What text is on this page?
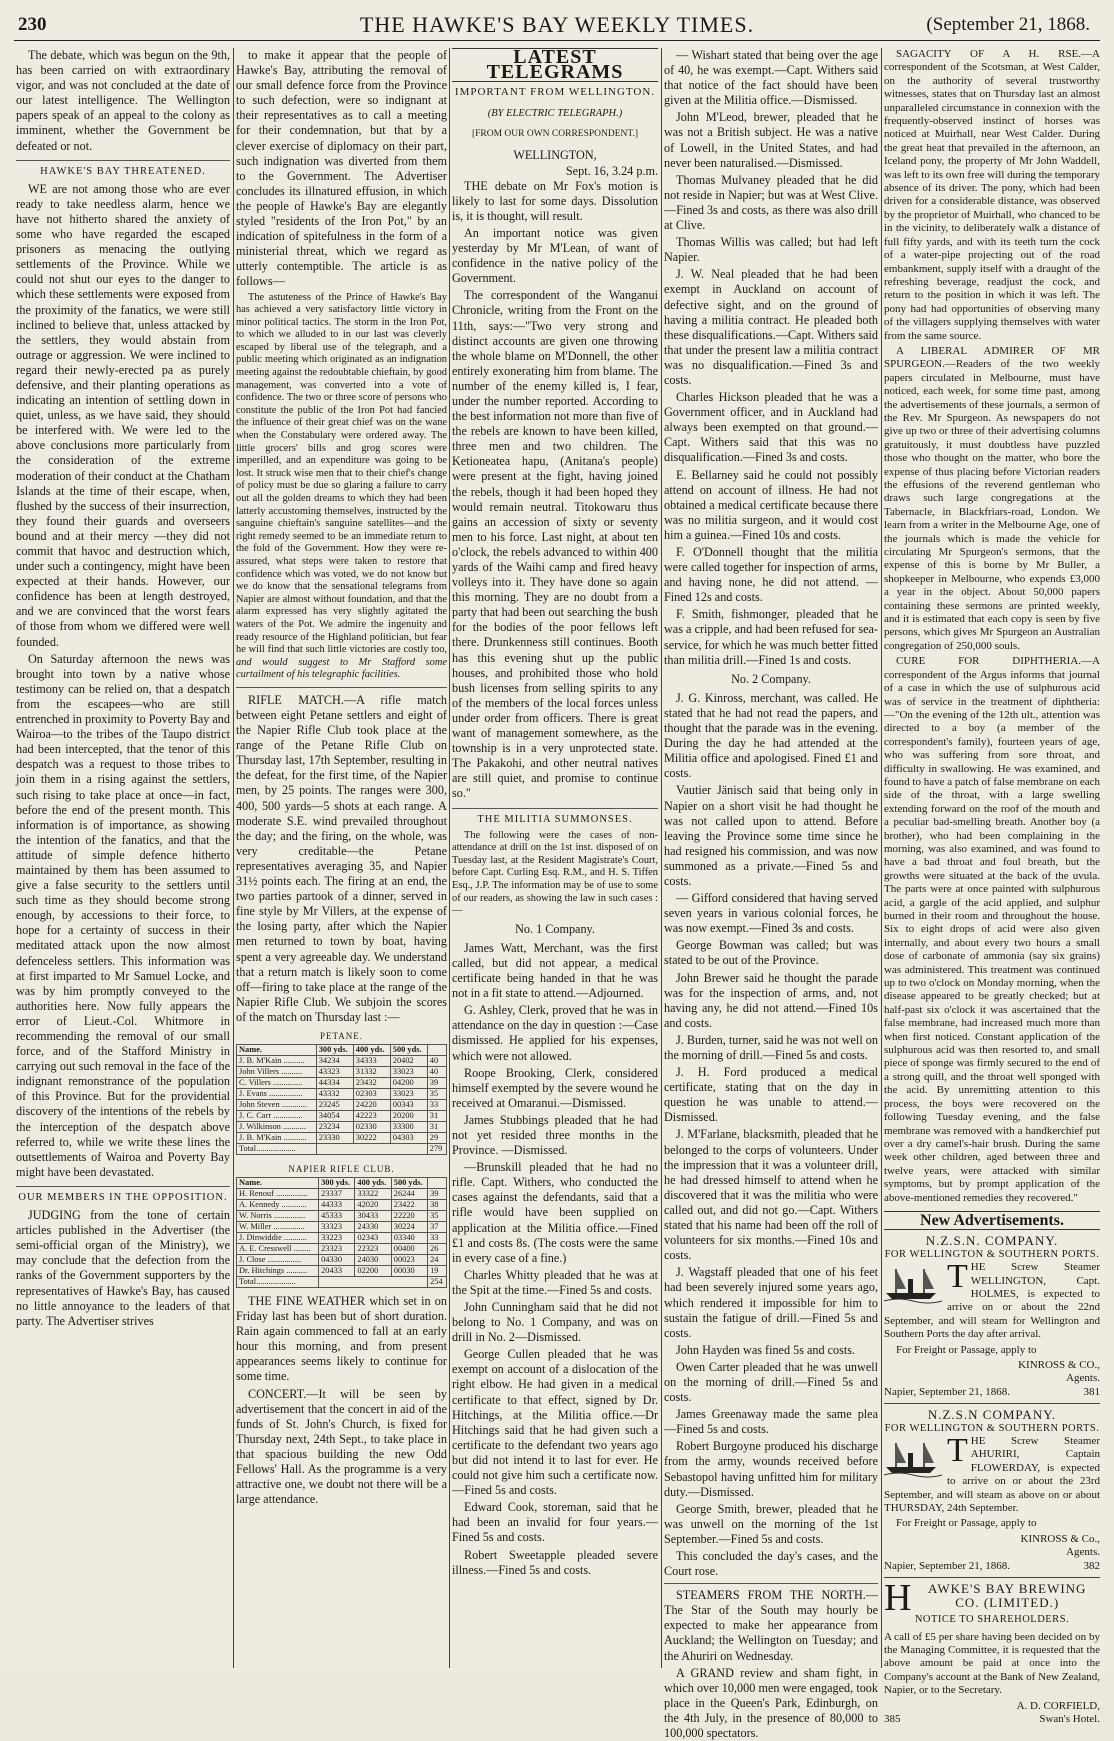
230	THE HAWKE'S BAY WEEKLY TIMES.	(September 21, 1868.

The debate, which was begun on the 9th, has been carried on with extraordinary vigor, and was not concluded at the date of our latest intelligence. The Wellington papers speak of an appeal to the colony as imminent, whether the Government be defeated or not.

HAWKE'S BAY THREATENED.

WE are not among those who are ever ready to take needless alarm, hence we have not hitherto shared the anxiety of some who have regarded the escaped prisoners as menacing the outlying settlements of the Province. While we could not shut our eyes to the danger to which these settlements were exposed from the proximity of the fanatics, we were still inclined to believe that, unless attacked by the settlers, they would abstain from outrage or aggression. We were inclined to regard their newly-erected pa as purely defensive, and their planting operations as indicating an intention of settling down in quiet, unless, as we have said, they should be interfered with. We were led to the above conclusions more particularly from the consideration of the extreme moderation of their conduct at the Chatham Islands at the time of their escape, when, flushed by the success of their insurrection, they found their guards and overseers bound and at their mercy —they did not commit that havoc and destruction which, under such a contingency, might have been expected at their hands. However, our confidence has been at length destroyed, and we are convinced that the worst fears of those from whom we differed were well founded.

On Saturday afternoon the news was brought into town by a native whose testimony can be relied on, that a despatch from the escapees—who are still entrenched in proximity to Poverty Bay and Wairoa—to the tribes of the Taupo district had been intercepted, that the tenor of this despatch was a request to those tribes to join them in a rising against the settlers, such rising to take place at once—in fact, before the end of the present month. This information is of importance, as showing the intention of the fanatics, and that the attitude of simple defence hitherto maintained by them has been assumed to give a false security to the settlers until such time as they should become strong enough, by accessions to their force, to hope for a certainty of success in their meditated attack upon the now almost defenceless settlers. This information was at first imparted to Mr Samuel Locke, and was by him promptly conveyed to the authorities here. Now fully appears the error of Lieut.-Col. Whitmore in recommending the removal of our small force, and of the Stafford Ministry in carrying out such removal in the face of the indignant remonstrance of the population of this Province. But for the providential discovery of the intentions of the rebels by the interception of the despatch above referred to, while we write these lines the outsettlements of Wairoa and Poverty Bay might have been devastated.

OUR MEMBERS IN THE OPPOSITION.

JUDGING from the tone of certain articles published in the Advertiser (the semi-official organ of the Ministry), we may conclude that the defection from the ranks of the Government supporters by the representatives of Hawke's Bay, has caused no little annoyance to the leaders of that party. The Advertiser strives

to make it appear that the people of Hawke's Bay, attributing the removal of our small defence force from the Province to such defection, were so indignant at their representatives as to call a meeting for their condemnation, but that by a clever exercise of diplomacy on their part, such indignation was diverted from them to the Government. The Advertiser concludes its illnatured effusion, in which the people of Hawke's Bay are elegantly styled "residents of the Iron Pot," by an indication of spitefulness in the form of a ministerial threat, which we regard as utterly contemptible. The article is as follows—

The astuteness of the Prince of Hawke's Bay has achieved a very satisfactory little victory in minor political tactics. The storm in the Iron Pot, to which we alluded to in our last was cleverly escaped by liberal use of the telegraph, and a public meeting which originated as an indignation meeting against the redoubtable chieftain, by good management, was converted into a vote of confidence. The two or three score of persons who constitute the public of the Iron Pot had fancied the influence of their great chief was on the wane when the Constabulary were ordered away. The little grocers' bills and grog scores were imperilled, and an expenditure was going to be lost. It struck wise men that to their chief's change of policy must be due so glaring a failure to carry out all the golden dreams to which they had been latterly accustoming themselves, instructed by the sanguine chieftain's sanguine satellites—and the right remedy seemed to be an immediate return to the fold of the Government. How they were re-assured, what steps were taken to restore that confidence which was voted, we do not know but we do know that the sensational telegrams from Napier are almost without foundation, and that the alarm expressed has very slightly agitated the waters of the Pot. We admire the ingenuity and ready resource of the Highland politician, but fear he will find that such little victories are costly too, and would suggest to Mr Stafford some curtailment of his telegraphic facilities.

RIFLE MATCH.—A rifle match between eight Petane settlers and eight of the Napier Rifle Club took place at the range of the Petane Rifle Club on Thursday last, 17th September, resulting in the defeat, for the first time, of the Napier men, by 25 points. The ranges were 300, 400, 500 yards—5 shots at each range. A moderate S.E. wind prevailed throughout the day; and the firing, on the whole, was very creditable—the Petane representatives averaging 35, and Napier 31½ points each. The firing at an end, the two parties partook of a dinner, served in fine style by Mr Villers, at the expense of the losing party, after which the Napier men returned to town by boat, having spent a very agreeable day. We understand that a return match is likely soon to come off—firing to take place at the range of the Napier Rifle Club. We subjoin the scores of the match on Thursday last :—

PETANE.
Name.	300 yds.	400 yds.	500 yds.	
J. B. M'Kain ..........	34234	34333	20402	40
John Villers ..........	43323	31332	33023	40
C. Villers ..............	44334	23432	04200	39
J. Evans ................	43332	02303	33023	35
John Steven ............	23245	24220	00343	33
J. C. Carr ..............	34054	42223	20200	31
J. Wilkinson ...........	23234	02330	33300	31
J. B. M'Kain ...........	23330	30222	04303	29
Total...................				279
NAPIER RIFLE CLUB.
Name.	300 yds.	400 yds.	500 yds.	
H. Renouf ...............	23337	33322	26244	39
A. Kennedy ............	44333	42020	23422	38
W. Norris ...............	45333	30433	22220	35
W. Miller ...............	33323	24330	30224	37
J. Dinwiddie ...........	33223	02343	03340	33
A. E. Cresswell ........	23323	22323	00400	26
J. Close ................	04330	24030	00023	24
Dr. Hitchings ..........	20433	02200	00030	19
Total...................				254

THE FINE WEATHER which set in on Friday last has been but of short duration. Rain again commenced to fall at an early hour this morning, and from present appearances seems likely to continue for some time.

CONCERT.—It will be seen by advertisement that the concert in aid of the funds of St. John's Church, is fixed for Thursday next, 24th Sept., to take place in that spacious building the new Odd Fellows' Hall. As the programme is a very attractive one, we doubt not there will be a large attendance.

LATEST TELEGRAMS
IMPORTANT FROM WELLINGTON.
(BY ELECTRIC TELEGRAPH.)
[FROM OUR OWN CORRESPONDENT.]
WELLINGTON,
Sept. 16, 3.24 p.m.

THE debate on Mr Fox's motion is likely to last for some days. Dissolution is, it is thought, will result.

An important notice was given yesterday by Mr M'Lean, of want of confidence in the native policy of the Government.

The correspondent of the Wanganui Chronicle, writing from the Front on the 11th, says:—"Two very strong and distinct accounts are given one throwing the whole blame on M'Donnell, the other entirely exonerating him from blame. The number of the enemy killed is, I fear, under the number reported. According to the best information not more than five of the rebels are known to have been killed, three men and two children. The Ketioneatea hapu, (Anitana's people) were present at the fight, having joined the rebels, though it had been hoped they would remain neutral. Titokowaru thus gains an accession of sixty or seventy men to his force. Last night, at about ten o'clock, the rebels advanced to within 400 yards of the Waihi camp and fired heavy volleys into it. They have done so again this morning. They are no doubt from a party that had been out searching the bush for the bodies of the poor fellows left there. Drunkenness still continues. Booth has this evening shut up the public houses, and prohibited those who hold bush licenses from selling spirits to any of the members of the local forces unless under order from officers. There is great want of management somewhere, as the township is in a very unprotected state. The Pakakohi, and other neutral natives are still quiet, and promise to continue so."

THE MILITIA SUMMONSES.

The following were the cases of non-attendance at drill on the 1st inst. disposed of on Tuesday last, at the Resident Magistrate's Court, before Capt. Curling Esq. R.M., and H. S. Tiffen Esq., J.P. The information may be of use to some of our readers, as showing the law in such cases :—

No. 1 Company.

James Watt, Merchant, was the first called, but did not appear, a medical certificate being handed in that he was not in a fit state to attend.—Adjourned.

G. Ashley, Clerk, proved that he was in attendance on the day in question :—Case dismissed. He applied for his expenses, which were not allowed.

Roope Brooking, Clerk, considered himself exempted by the severe wound he received at Omaranui.—Dismissed.

James Stubbings pleaded that he had not yet resided three months in the Province. —Dismissed.

—Brunskill pleaded that he had no rifle. Capt. Withers, who conducted the cases against the defendants, said that a rifle would have been supplied on application at the Militia office.—Fined £1 and costs 8s. (The costs were the same in every case of a fine.)

Charles Whitty pleaded that he was at the Spit at the time.—Fined 5s and costs.

John Cunningham said that he did not belong to No. 1 Company, and was on drill in No. 2—Dismissed.

George Cullen pleaded that he was exempt on account of a dislocation of the right elbow. He had given in a medical certificate to that effect, signed by Dr. Hitchings, at the Militia office.—Dr Hitchings said that he had given such a certificate to the defendant two years ago but did not intend it to last for ever. He could not give him such a certificate now. —Fined 5s and costs.

Edward Cook, storeman, said that he had been an invalid for four years.—Fined 5s and costs.

Robert Sweetapple pleaded severe illness.—Fined 5s and costs.

— Wishart stated that being over the age of 40, he was exempt.—Capt. Withers said that notice of the fact should have been given at the Militia office.—Dismissed.

John M'Leod, brewer, pleaded that he was not a British subject. He was a native of Lowell, in the United States, and had never been naturalised.—Dismissed.

Thomas Mulvaney pleaded that he did not reside in Napier; but was at West Clive.—Fined 3s and costs, as there was also drill at Clive.

Thomas Willis was called; but had left Napier.

J. W. Neal pleaded that he had been exempt in Auckland on account of defective sight, and on the ground of having a militia contract. He pleaded both these disqualifications.—Capt. Withers said that under the present law a militia contract was no disqualification.—Fined 3s and costs.

Charles Hickson pleaded that he was a Government officer, and in Auckland had always been exempted on that ground.—Capt. Withers said that this was no disqualification.—Fined 3s and costs.

E. Bellarney said he could not possibly attend on account of illness. He had not obtained a medical certificate because there was no militia surgeon, and it would cost him a guinea.—Fined 10s and costs.

F. O'Donnell thought that the militia were called together for inspection of arms, and having none, he did not attend. —Fined 12s and costs.

F. Smith, fishmonger, pleaded that he was a cripple, and had been refused for sea-service, for which he was much better fitted than militia drill.—Fined 1s and costs.

No. 2 Company.

J. G. Kinross, merchant, was called. He stated that he had not read the papers, and thought that the parade was in the evening. During the day he had attended at the Militia office and apologised. Fined £1 and costs.

Vautier Jänisch said that being only in Napier on a short visit he had thought he was not called upon to attend. Before leaving the Province some time since he had resigned his commission, and was now summoned as a private.—Fined 5s and costs.

— Gifford considered that having served seven years in various colonial forces, he was now exempt.—Fined 3s and costs.

George Bowman was called; but was stated to be out of the Province.

John Brewer said he thought the parade was for the inspection of arms, and, not having any, he did not attend.—Fined 10s and costs.

J. Burden, turner, said he was not well on the morning of drill.—Fined 5s and costs.

J. H. Ford produced a medical certificate, stating that on the day in question he was unable to attend.—Dismissed.

J. M'Farlane, blacksmith, pleaded that he belonged to the corps of volunteers. Under the impression that it was a volunteer drill, he had dressed himself to attend when he discovered that it was the militia who were called out, and did not go.—Capt. Withers stated that his name had been off the roll of volunteers for six months.—Fined 10s and costs.

J. Wagstaff pleaded that one of his feet had been severely injured some years ago, which rendered it impossible for him to sustain the fatigue of drill.—Fined 5s and costs.

John Hayden was fined 5s and costs.

Owen Carter pleaded that he was unwell on the morning of drill.—Fined 5s and costs.

James Greenaway made the same plea —Fined 5s and costs.

Robert Burgoyne produced his discharge from the army, wounds received before Sebastopol having unfitted him for military duty.—Dismissed.

George Smith, brewer, pleaded that he was unwell on the morning of the 1st September.—Fined 5s and costs.

This concluded the day's cases, and the Court rose.

STEAMERS FROM THE NORTH.—The Star of the South may hourly be expected to make her appearance from Auckland; the Wellington on Tuesday; and the Ahuriri on Wednesday.

A GRAND review and sham fight, in which over 10,000 men were engaged, took place in the Queen's Park, Edinburgh, on the 4th July, in the presence of 80,000 to 100,000 spectators.

SAGACITY OF A H. RSE.—A correspondent of the Scotsman, at West Calder, on the authority of several trustworthy witnesses, states that on Thursday last an almost unparalleled circumstance in connexion with the frequently-observed instinct of horses was noticed at Muirhall, near West Calder. During the great heat that prevailed in the afternoon, an Iceland pony, the property of Mr John Waddell, was left to its own free will during the temporary absence of its driver. The pony, which had been driven for a considerable distance, was observed by the proprietor of Muirhall, who chanced to be in the vicinity, to deliberately walk a distance of full fifty yards, and with its teeth turn the cock of a water-pipe projecting out of the road embankment, supply itself with a draught of the refreshing beverage, readjust the cock, and return to the position in which it was left. The pony had had opportunities of observing many of the villagers supplying themselves with water from the same source.

A LIBERAL ADMIRER OF MR SPURGEON.—Readers of the two weekly papers circulated in Melbourne, must have noticed, each week, for some time past, among the advertisements of these journals, a sermon of the Rev. Mr Spurgeon. As newspapers do not give up two or three of their advertising columns gratuitously, it must doubtless have puzzled those who thought on the matter, who bore the expense of thus placing before Victorian readers the effusions of the reverend gentleman who draws such large congregations at the Tabernacle, in Blackfriars-road, London. We learn from a writer in the Melbourne Age, one of the journals which is made the vehicle for circulating Mr Spurgeon's sermons, that the expense of this is borne by Mr Buller, a shopkeeper in Melbourne, who expends £3,000 a year in the object. About 50,000 papers containing these sermons are printed weekly, and it is estimated that each copy is seen by five persons, which gives Mr Spurgeon an Australian congregation of 250,000 souls.

CURE FOR DIPHTHERIA.—A correspondent of the Argus informs that journal of a case in which the use of sulphurous acid was of service in the treatment of diphtheria: —"On the evening of the 12th ult., attention was directed to a boy (a member of the correspondent's family), fourteen years of age, who was suffering from sore throat, and difficulty in swallowing. He was examined, and found to have a patch of false membrane on each side of the throat, with a large swelling extending forward on the roof of the mouth and a peculiar bad-smelling breath. Another boy (a brother), who had been complaining in the morning, was also examined, and was found to have a bad throat and foul breath, but the growths were situated at the back of the uvula. The parts were at once painted with sulphurous acid, a gargle of the acid applied, and sulphur burned in their room and throughout the house. Six to eight drops of acid were also given internally, and about every two hours a small dose of carbonate of ammonia (say six grains) was administered. This treatment was continued up to two o'clock on Monday morning, when the disease appeared to be greatly checked; but at half-past six o'clock it was ascertained that the false membrane, had increased much more than when first noticed. Constant application of the sulphurous acid was then resorted to, and small piece of sponge was firmly secured to the end of a strong quill, and the throat well sponged with the acid. By unremitting attention to this process, the boys were recovered on the following Tuesday evening, and the false membrane was removed with a handkerchief put over a dry camel's-hair brush. During the same week other children, aged between three and twelve years, were attacked with similar symptoms, but by prompt application of the above-mentioned remedies they recovered."

New Advertisements.
N.Z.S.N. COMPANY.
FOR WELLINGTON & SOUTHERN PORTS.

THE Screw Steamer WELLINGTON, Capt. HOLMES, is expected to arrive on or about the 22nd September, and will steam for Wellington and Southern Ports the day after arrival.

For Freight or Passage, apply to

KINROSS & CO.,
Agents.
Napier, September 21, 1868.	381
N.Z.S.N COMPANY.
FOR WELLINGTON & SOUTHERN PORTS.

THE Screw Steamer AHURIRI, Captain FLOWERDAY, is expected to arrive on or about the 23rd September, and will steam as above on or about THURSDAY, 24th September.

For Freight or Passage, apply to

KINROSS & Co.,
Agents.
Napier, September 21, 1868.	382
H	AWKE'S BAY BREWING CO. (LIMITED.)
NOTICE TO SHAREHOLDERS.

A call of £5 per share having been decided on by the Managing Committee, it is requested that the above amount be paid at once into the Company's account at the Bank of New Zealand, Napier, or to the Secretary.

A. D. CORFIELD,
385	Swan's Hotel.
